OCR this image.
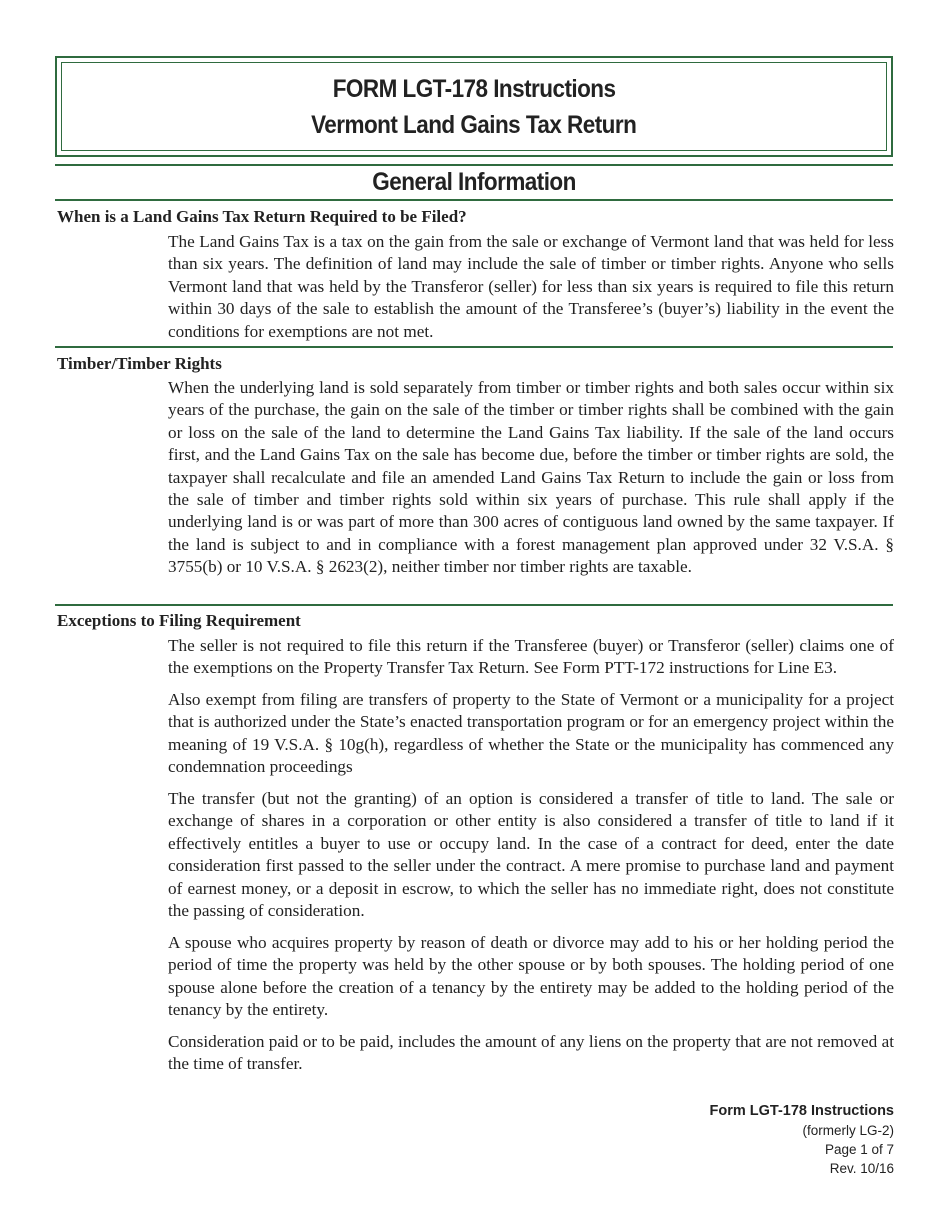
FORM LGT-178 Instructions
Vermont Land Gains Tax Return
General Information
When is a Land Gains Tax Return Required to be Filed?

The Land Gains Tax is a tax on the gain from the sale or exchange of Vermont land that was held for less than six years. The definition of land may include the sale of timber or timber rights. Anyone who sells Vermont land that was held by the Transferor (seller) for less than six years is required to file this return within 30 days of the sale to establish the amount of the Transferee’s (buyer’s) liability in the event the conditions for exemptions are not met.

Timber/Timber Rights

When the underlying land is sold separately from timber or timber rights and both sales occur within six years of the purchase, the gain on the sale of the timber or timber rights shall be combined with the gain or loss on the sale of the land to determine the Land Gains Tax liability. If the sale of the land occurs first, and the Land Gains Tax on the sale has become due, before the timber or timber rights are sold, the taxpayer shall recalculate and file an amended Land Gains Tax Return to include the gain or loss from the sale of timber and timber rights sold within six years of purchase. This rule shall apply if the underlying land is or was part of more than 300 acres of contiguous land owned by the same taxpayer. If the land is subject to and in compliance with a forest management plan approved under 32 V.S.A. § 3755(b) or 10 V.S.A. § 2623(2), neither timber nor timber rights are taxable.

Exceptions to Filing Requirement

The seller is not required to file this return if the Transferee (buyer) or Transferor (seller) claims one of the exemptions on the Property Transfer Tax Return. See Form PTT-172 instructions for Line E3.

Also exempt from filing are transfers of property to the State of Vermont or a municipality for a project that is authorized under the State’s enacted transportation program or for an emergency project within the meaning of 19 V.S.A. § 10g(h), regardless of whether the State or the municipality has commenced any condemnation proceedings

The transfer (but not the granting) of an option is considered a transfer of title to land. The sale or exchange of shares in a corporation or other entity is also considered a transfer of title to land if it effectively entitles a buyer to use or occupy land. In the case of a contract for deed, enter the date consideration first passed to the seller under the contract. A mere promise to purchase land and payment of earnest money, or a deposit in escrow, to which the seller has no immediate right, does not constitute the passing of consideration.

A spouse who acquires property by reason of death or divorce may add to his or her holding period the period of time the property was held by the other spouse or by both spouses. The holding period of one spouse alone before the creation of a tenancy by the entirety may be added to the holding period of the tenancy by the entirety.

Consideration paid or to be paid, includes the amount of any liens on the property that are not removed at the time of transfer.

Form LGT-178 Instructions
(formerly LG-2)
Page 1 of 7
Rev. 10/16
